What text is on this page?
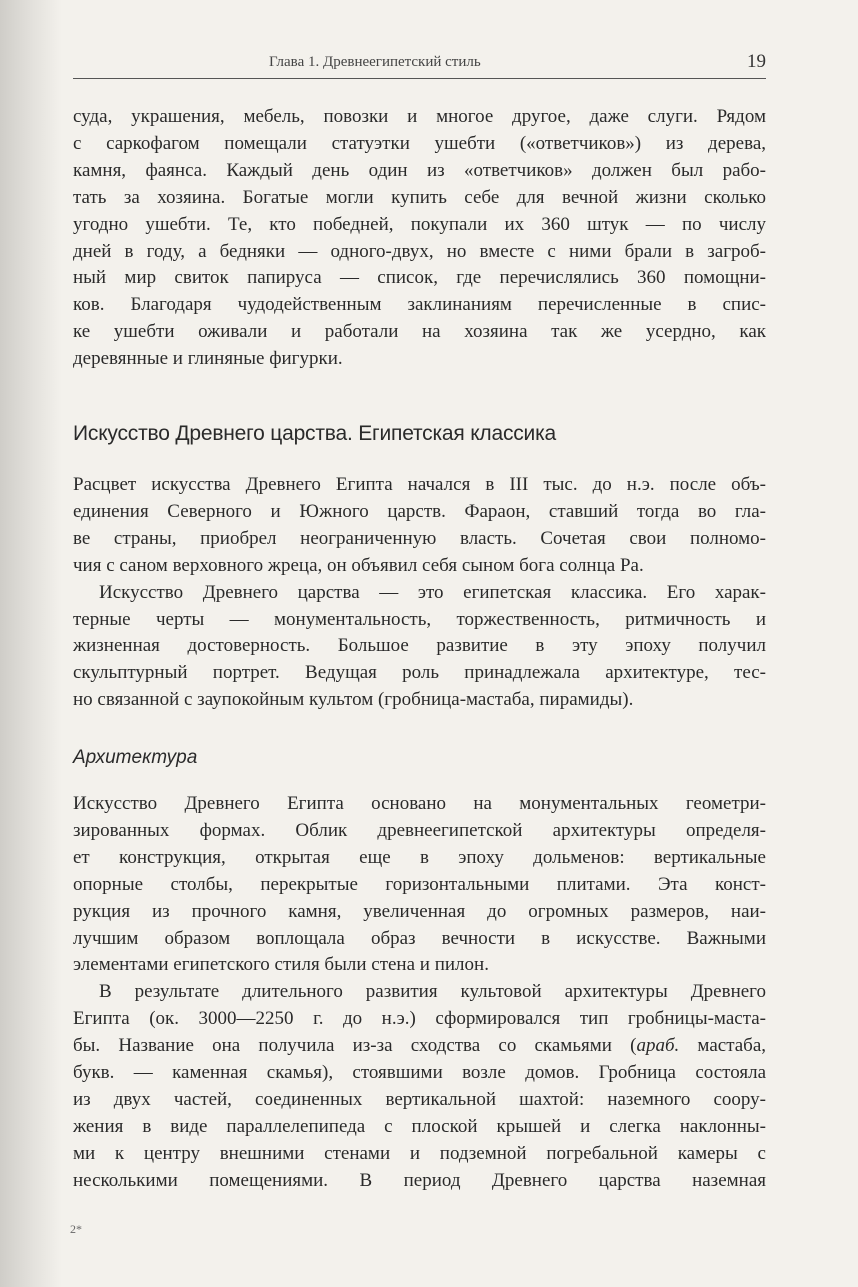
Глава 1. Древнеегипетский стиль	19
суда, украшения, мебель, повозки и многое другое, даже слуги. Рядом
с саркофагом помещали статуэтки ушебти («ответчиков») из дерева,
камня, фаянса. Каждый день один из «ответчиков» должен был рабо-
тать за хозяина. Богатые могли купить себе для вечной жизни сколько
угодно ушебти. Те, кто победней, покупали их 360 штук — по числу
дней в году, а бедняки — одного-двух, но вместе с ними брали в загроб-
ный мир свиток папируса — список, где перечислялись 360 помощни-
ков. Благодаря чудодейственным заклинаниям перечисленные в спис-
ке ушебти оживали и работали на хозяина так же усердно, как
деревянные и глиняные фигурки.
Искусство Древнего царства. Египетская классика
Расцвет искусства Древнего Египта начался в III тыс. до н.э. после объ-
единения Северного и Южного царств. Фараон, ставший тогда во гла-
ве страны, приобрел неограниченную власть. Сочетая свои полномо-
чия с саном верховного жреца, он объявил себя сыном бога солнца Ра.
Искусство Древнего царства — это египетская классика. Его харак-
терные черты — монументальность, торжественность, ритмичность и
жизненная достоверность. Большое развитие в эту эпоху получил
скульптурный портрет. Ведущая роль принадлежала архитектуре, тес-
но связанной с заупокойным культом (гробница-мастаба, пирамиды).
Архитектура
Искусство Древнего Египта основано на монументальных геометри-
зированных формах. Облик древнеегипетской архитектуры определя-
ет конструкция, открытая еще в эпоху дольменов: вертикальные
опорные столбы, перекрытые горизонтальными плитами. Эта конст-
рукция из прочного камня, увеличенная до огромных размеров, наи-
лучшим образом воплощала образ вечности в искусстве. Важными
элементами египетского стиля были стена и пилон.
В результате длительного развития культовой архитектуры Древнего
Египта (ок. 3000—2250 г. до н.э.) сформировался тип гробницы-маста-
бы. Название она получила из-за сходства со скамьями (араб. мастаба,
букв. — каменная скамья), стоявшими возле домов. Гробница состояла
из двух частей, соединенных вертикальной шахтой: наземного соору-
жения в виде параллелепипеда с плоской крышей и слегка наклонны-
ми к центру внешними стенами и подземной погребальной камеры с
несколькими помещениями. В период Древнего царства наземная
2*
